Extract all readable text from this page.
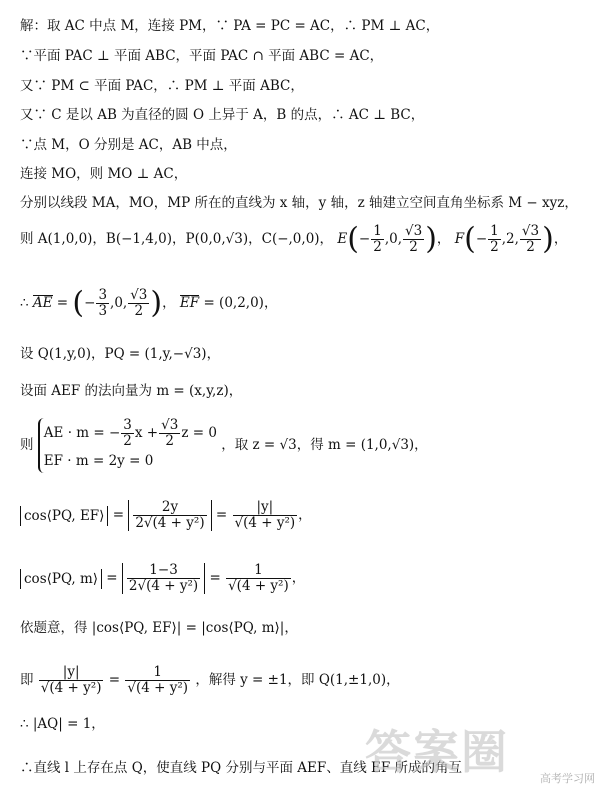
解：取 AC 中点 M，连接 PM，∵ PA = PC = AC，∴ PM ⊥ AC，
∵平面 PAC ⊥ 平面 ABC，平面 PAC ∩ 平面 ABC = AC，
又∵ PM ⊂ 平面 PAC，∴ PM ⊥ 平面 ABC，
又∵ C 是以 AB 为直径的圆 O 上异于 A，B 的点，∴ AC ⊥ BC，
∵点 M，O 分别是 AC，AB 中点，
连接 MO，则 MO ⊥ AC，
分别以线段 MA，MO，MP 所在的直线为 x 轴，y 轴，z 轴建立空间直角坐标系 M − xyz，
则 A(1,0,0)，B(−1,4,0)，P(0,0,√3)，C(−,0,0)， $E(- \frac{1}{2} ,0$, $\frac{√3}{2}$ )， $F(- \frac{1}{2} ,2$, $\frac{√3}{2}$ )，
∴ AE = (− $\frac{3}{3} ,0$, $\frac{√3}{2}$ )， EF = (0,2,0)，
设 Q(1,y,0)，PQ = (1,y,−√3)，
设面 AEF 的法向量为 m = (x,y,z)，
则
AE · m = − $\frac{3}{2}$ $x + \frac{√3}{2}$ z = 0
EF · m = 2y = 0
，取 z = √3，得 m = (1,0,√3)，
cos⟨PQ, EF⟩ = $\frac{2y}{\text{2√(4 + y²)}} = \frac{|y|}{\text{√(4 + y²)}}$ ，
cos⟨PQ, m⟩ = $\frac{1-3}{\text{2√(4 + y²)}} = \frac{1}{\text{√(4 + y²)}}$ ，
依题意，得 |cos⟨PQ, EF⟩| = |cos⟨PQ, m⟩|，
即 $\frac{|y|}{\text{√(4 + y²)}} = \frac{1}{\text{√(4 + y²)}}$ ，解得 y = ±1，即 Q(1,±1,0)，
∴ |AQ| = 1，
∴直线 l 上存在点 Q，使直线 PQ 分别与平面 AEF、直线 EF 所成的角互
答案圈	高考学习网
